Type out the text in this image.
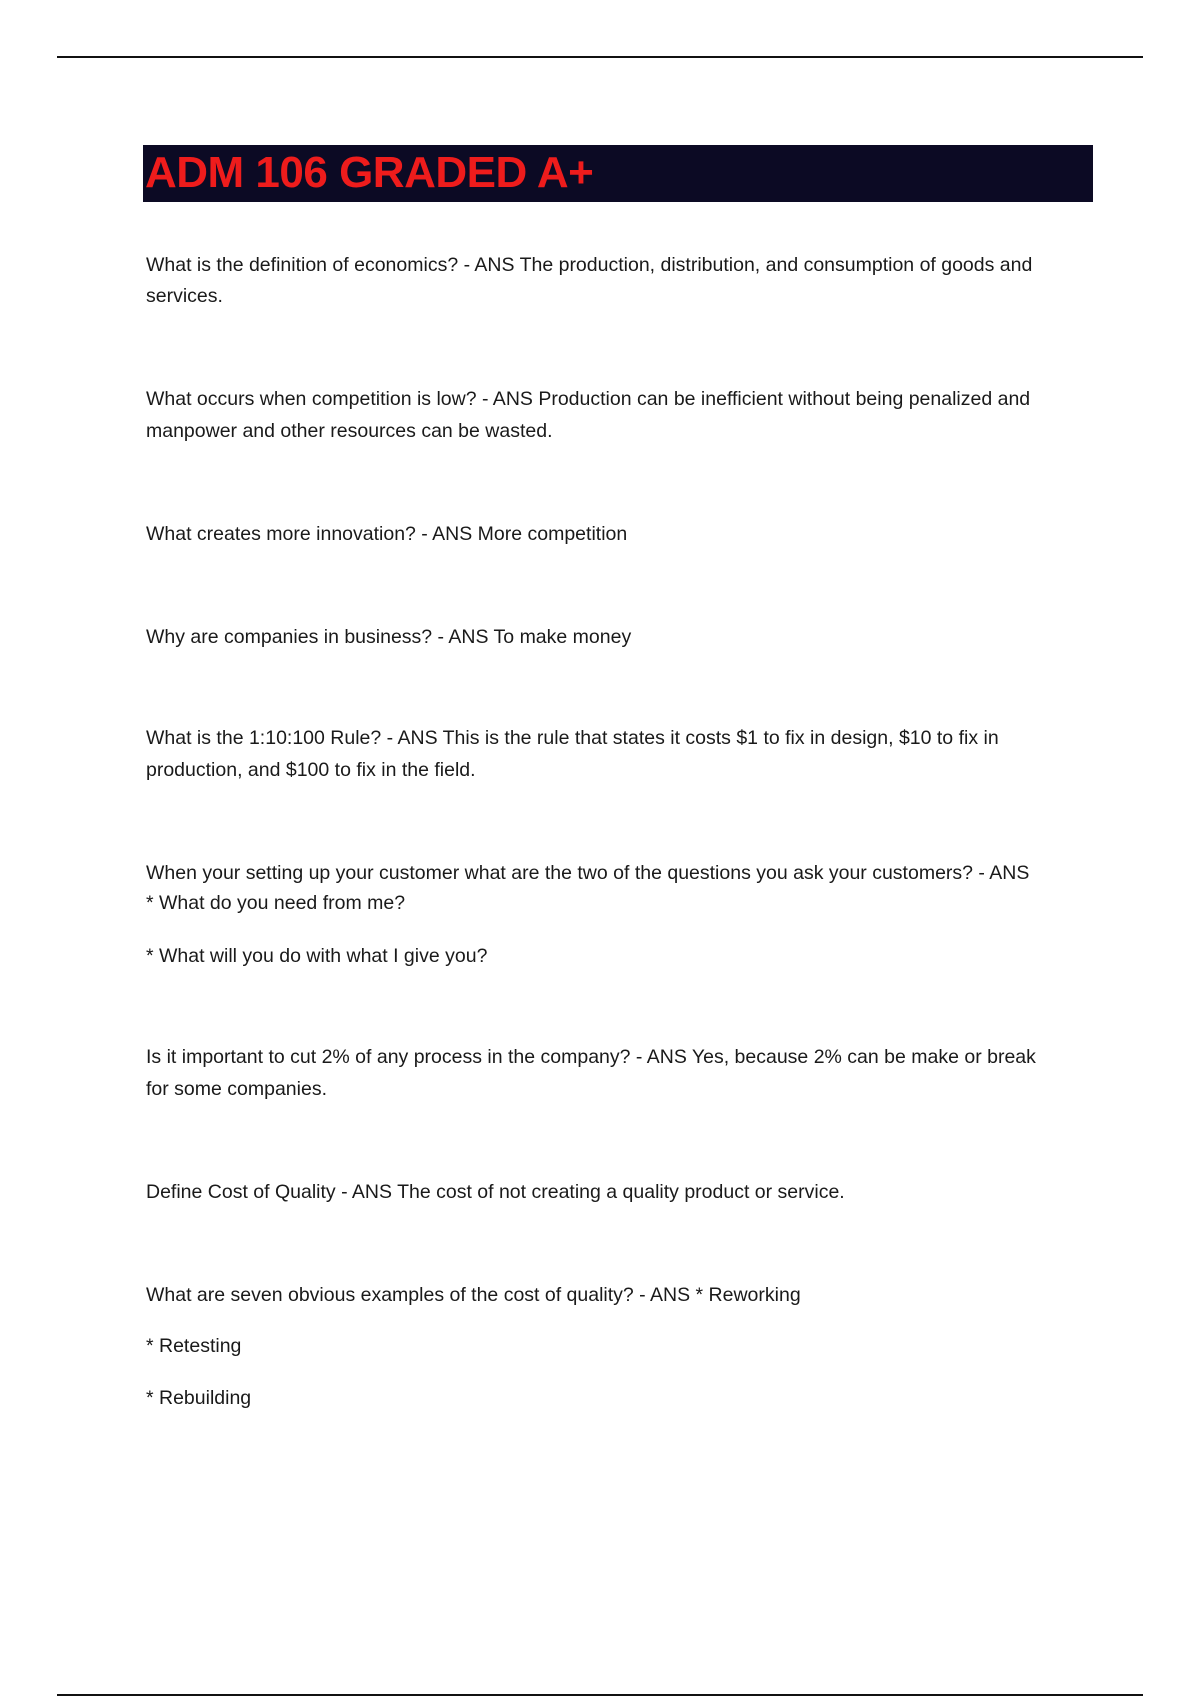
ADM 106 GRADED A+
What is the definition of economics? - ANS The production, distribution, and consumption of goods and
services.
What occurs when competition is low? - ANS Production can be inefficient without being penalized and
manpower and other resources can be wasted.
What creates more innovation? - ANS More competition
Why are companies in business? - ANS To make money
What is the 1:10:100 Rule? - ANS This is the rule that states it costs $1 to fix in design, $10 to fix in
production, and $100 to fix in the field.
When your setting up your customer what are the two of the questions you ask your customers? - ANS
* What do you need from me?
* What will you do with what I give you?
Is it important to cut 2% of any process in the company? - ANS Yes, because 2% can be make or break
for some companies.
Define Cost of Quality - ANS The cost of not creating a quality product or service.
What are seven obvious examples of the cost of quality? - ANS * Reworking
* Retesting
* Rebuilding
